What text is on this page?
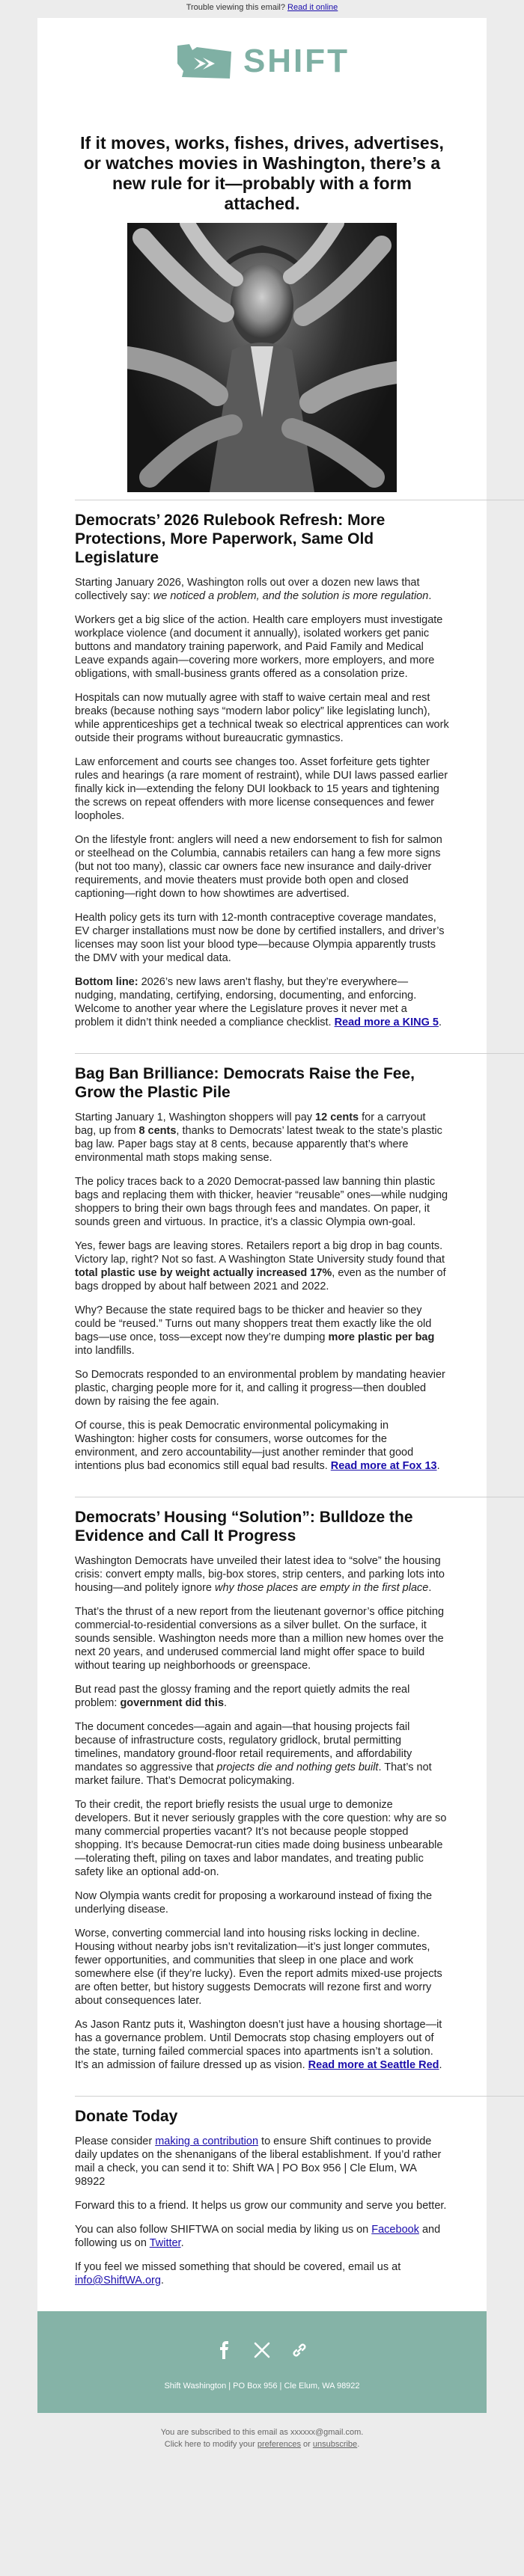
Trouble viewing this email? Read it online
SHIFT
If it moves, works, fishes, drives, advertises, or watches movies in Washington, there’s a new rule for it—probably with a form attached.
Democrats’ 2026 Rulebook Refresh: More Protections, More Paperwork, Same Old Legislature

Starting January 2026, Washington rolls out over a dozen new laws that collectively say: we noticed a problem, and the solution is more regulation.

Workers get a big slice of the action. Health care employers must investigate workplace violence (and document it annually), isolated workers get panic buttons and mandatory training paperwork, and Paid Family and Medical Leave expands again—covering more workers, more employers, and more obligations, with small-business grants offered as a consolation prize.

Hospitals can now mutually agree with staff to waive certain meal and rest breaks (because nothing says “modern labor policy” like legislating lunch), while apprenticeships get a technical tweak so electrical apprentices can work outside their programs without bureaucratic gymnastics.

Law enforcement and courts see changes too. Asset forfeiture gets tighter rules and hearings (a rare moment of restraint), while DUI laws passed earlier finally kick in—extending the felony DUI lookback to 15 years and tightening the screws on repeat offenders with more license consequences and fewer loopholes.

On the lifestyle front: anglers will need a new endorsement to fish for salmon or steelhead on the Columbia, cannabis retailers can hang a few more signs (but not too many), classic car owners face new insurance and daily-driver requirements, and movie theaters must provide both open and closed captioning—right down to how showtimes are advertised.

Health policy gets its turn with 12-month contraceptive coverage mandates, EV charger installations must now be done by certified installers, and driver’s licenses may soon list your blood type—because Olympia apparently trusts the DMV with your medical data.

Bottom line: 2026’s new laws aren’t flashy, but they’re everywhere—nudging, mandating, certifying, endorsing, documenting, and enforcing. Welcome to another year where the Legislature proves it never met a problem it didn’t think needed a compliance checklist. Read more a KING 5.

Bag Ban Brilliance: Democrats Raise the Fee, Grow the Plastic Pile

Starting January 1, Washington shoppers will pay 12 cents for a carryout bag, up from 8 cents, thanks to Democrats’ latest tweak to the state’s plastic bag law. Paper bags stay at 8 cents, because apparently that’s where environmental math stops making sense.

The policy traces back to a 2020 Democrat-passed law banning thin plastic bags and replacing them with thicker, heavier “reusable” ones—while nudging shoppers to bring their own bags through fees and mandates. On paper, it sounds green and virtuous. In practice, it’s a classic Olympia own-goal.

Yes, fewer bags are leaving stores. Retailers report a big drop in bag counts. Victory lap, right? Not so fast. A Washington State University study found that total plastic use by weight actually increased 17%, even as the number of bags dropped by about half between 2021 and 2022.

Why? Because the state required bags to be thicker and heavier so they could be “reused.” Turns out many shoppers treat them exactly like the old bags—use once, toss—except now they’re dumping more plastic per bag into landfills.

So Democrats responded to an environmental problem by mandating heavier plastic, charging people more for it, and calling it progress—then doubled down by raising the fee again.

Of course, this is peak Democratic environmental policymaking in Washington: higher costs for consumers, worse outcomes for the environment, and zero accountability—just another reminder that good intentions plus bad economics still equal bad results. Read more at Fox 13.

Democrats’ Housing “Solution”: Bulldoze the Evidence and Call It Progress

Washington Democrats have unveiled their latest idea to “solve” the housing crisis: convert empty malls, big-box stores, strip centers, and parking lots into housing—and politely ignore why those places are empty in the first place.

That’s the thrust of a new report from the lieutenant governor’s office pitching commercial-to-residential conversions as a silver bullet. On the surface, it sounds sensible. Washington needs more than a million new homes over the next 20 years, and underused commercial land might offer space to build without tearing up neighborhoods or greenspace.

But read past the glossy framing and the report quietly admits the real problem: government did this.

The document concedes—again and again—that housing projects fail because of infrastructure costs, regulatory gridlock, brutal permitting timelines, mandatory ground-floor retail requirements, and affordability mandates so aggressive that projects die and nothing gets built. That’s not market failure. That’s Democrat policymaking.

To their credit, the report briefly resists the usual urge to demonize developers. But it never seriously grapples with the core question: why are so many commercial properties vacant? It’s not because people stopped shopping. It’s because Democrat-run cities made doing business unbearable—tolerating theft, piling on taxes and labor mandates, and treating public safety like an optional add-on.

Now Olympia wants credit for proposing a workaround instead of fixing the underlying disease.

Worse, converting commercial land into housing risks locking in decline. Housing without nearby jobs isn’t revitalization—it’s just longer commutes, fewer opportunities, and communities that sleep in one place and work somewhere else (if they’re lucky). Even the report admits mixed-use projects are often better, but history suggests Democrats will rezone first and worry about consequences later.

As Jason Rantz puts it, Washington doesn’t just have a housing shortage—it has a governance problem. Until Democrats stop chasing employers out of the state, turning failed commercial spaces into apartments isn’t a solution. It’s an admission of failure dressed up as vision. Read more at Seattle Red.

Donate Today

Please consider making a contribution to ensure Shift continues to provide daily updates on the shenanigans of the liberal establishment. If you’d rather mail a check, you can send it to: Shift WA | PO Box 956 | Cle Elum, WA 98922

Forward this to a friend. It helps us grow our community and serve you better.

You can also follow SHIFTWA on social media by liking us on Facebook and following us on Twitter.

If you feel we missed something that should be covered, email us at info@ShiftWA.org.

Shift Washington | PO Box 956 | Cle Elum, WA 98922
You are subscribed to this email as xxxxxx@gmail.com.
Click here to modify your preferences or unsubscribe.
